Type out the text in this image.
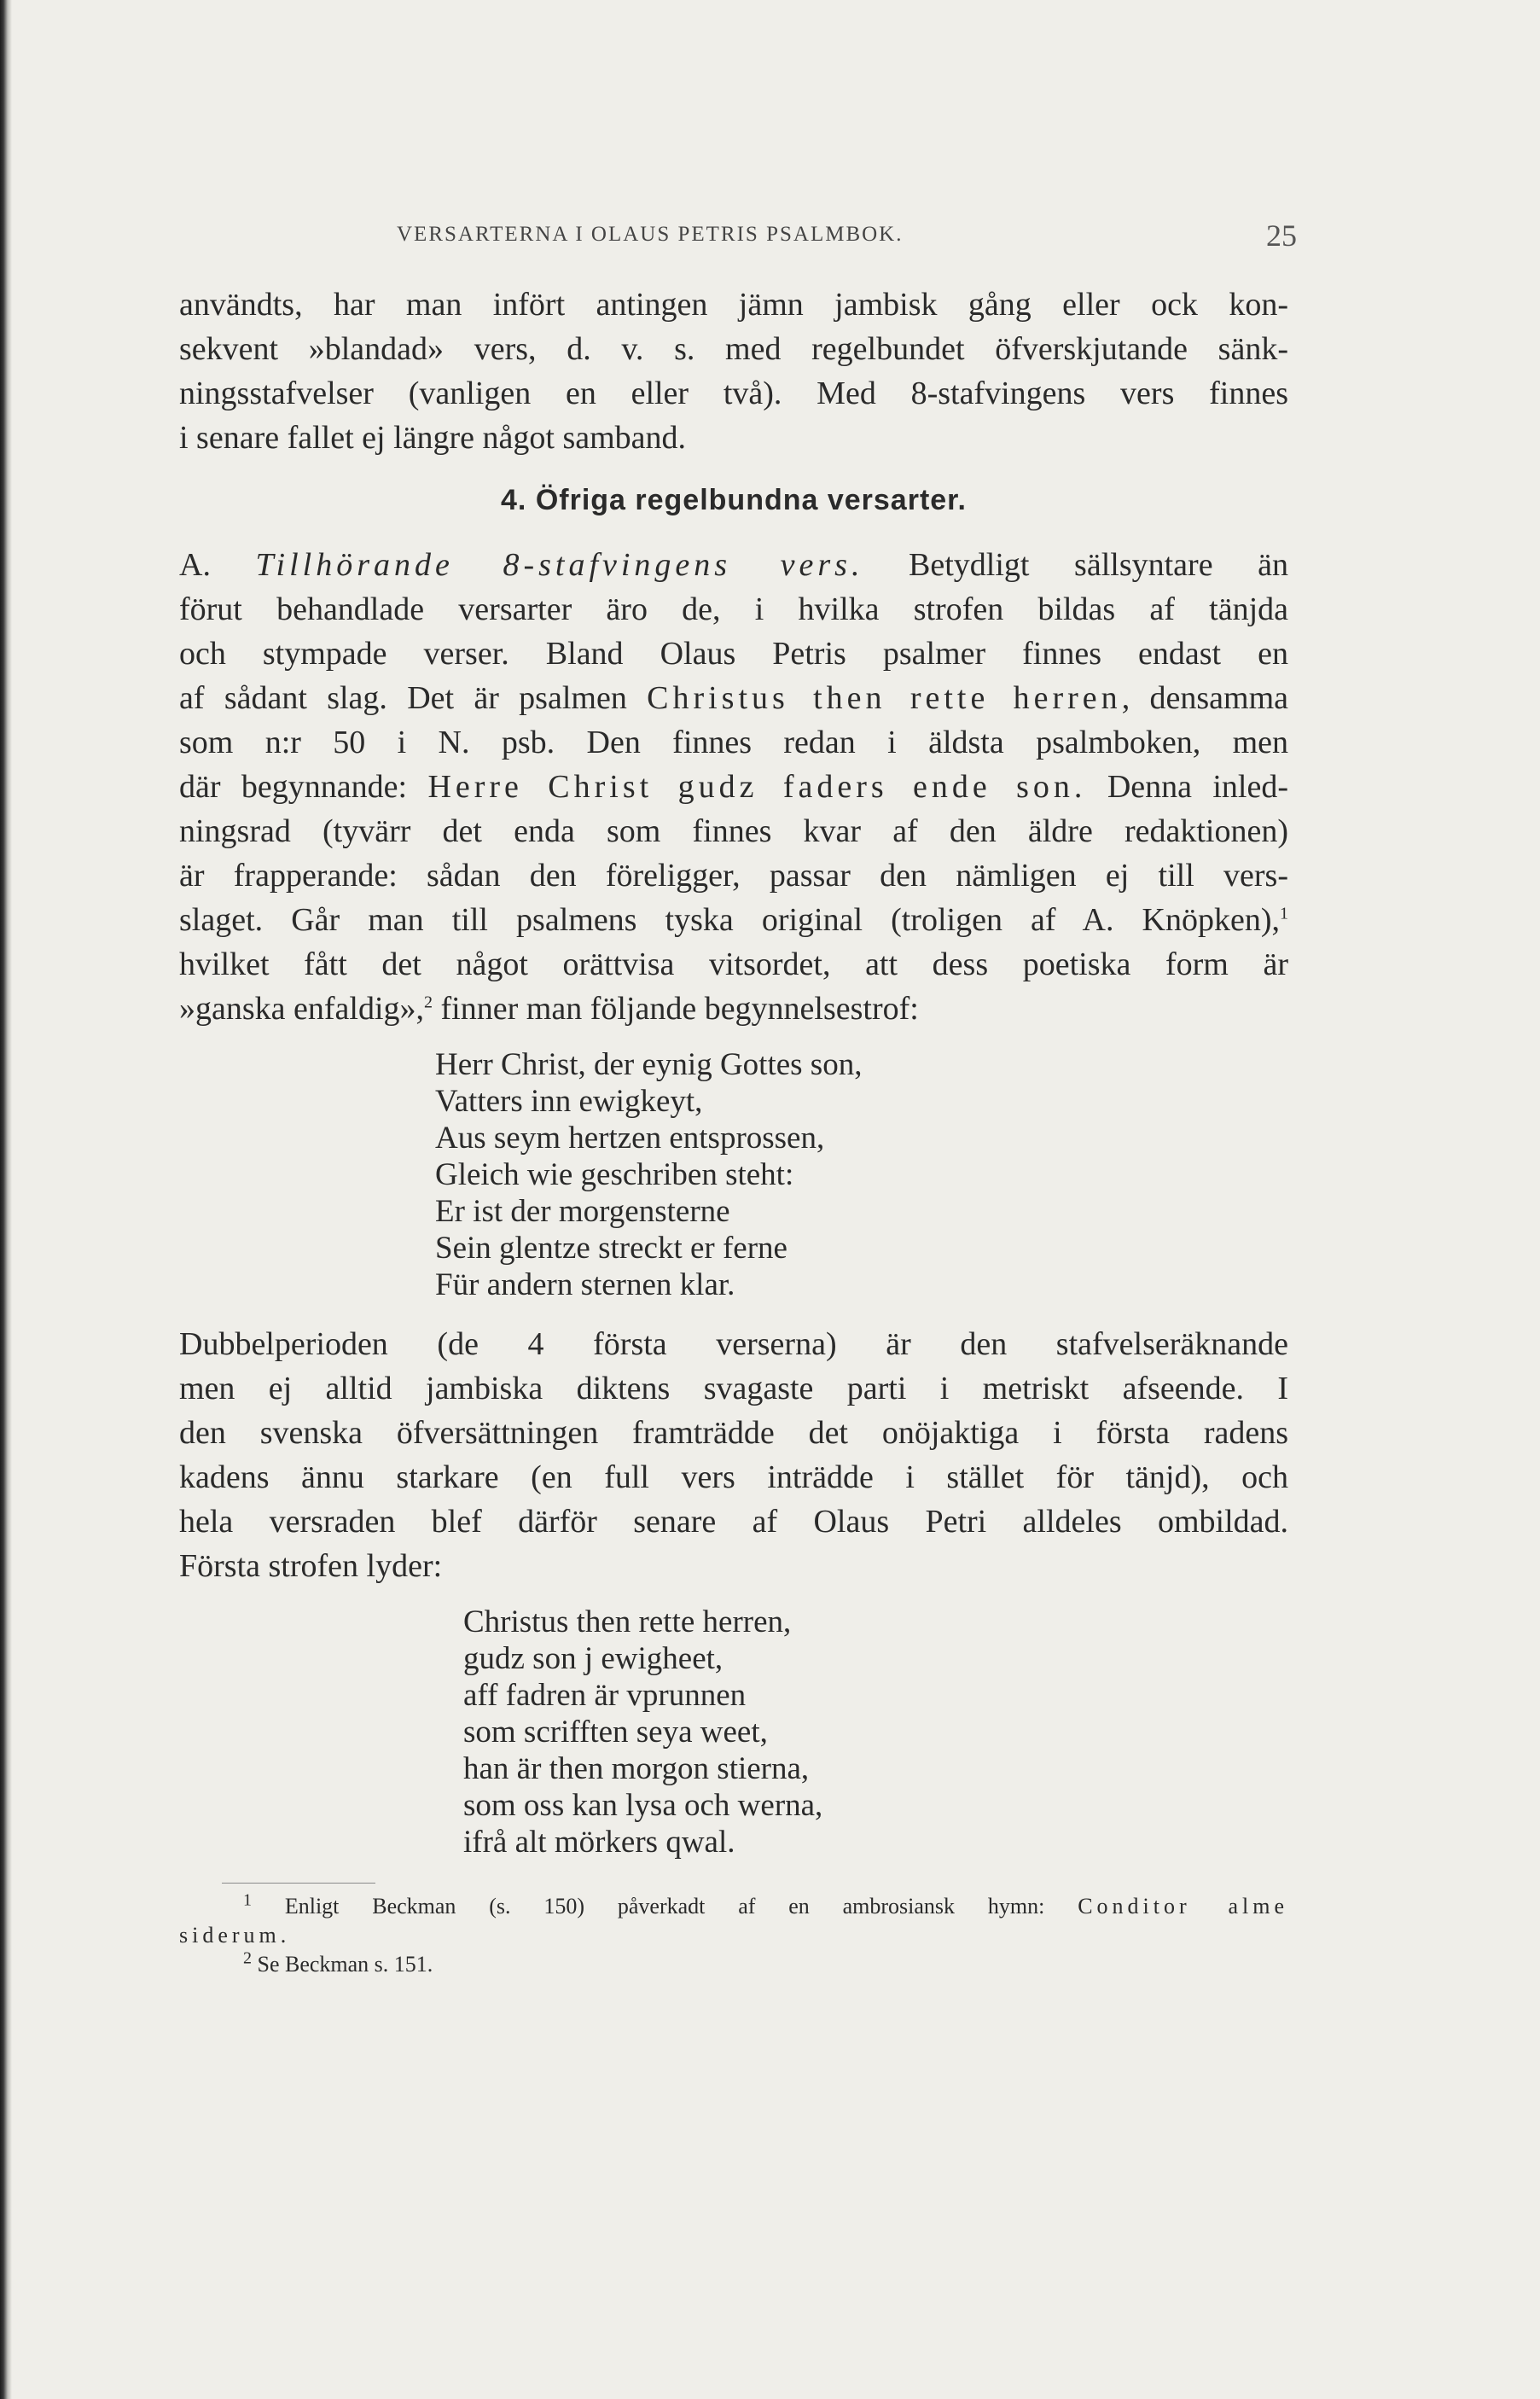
VERSARTERNA I OLAUS PETRIS PSALMBOK.	25

användts, har man infört antingen jämn jambisk gång eller ock kon-
sekvent »blandad» vers, d. v. s. med regelbundet öfverskjutande sänk-
ningsstafvelser (vanligen en eller två). Med 8-stafvingens vers finnes
i senare fallet ej längre något samband.

4. Öfriga regelbundna versarter.

A. Tillhörande 8-stafvingens vers. Betydligt sällsyntare än
förut behandlade versarter äro de, i hvilka strofen bildas af tänjda
och stympade verser. Bland Olaus Petris psalmer finnes endast en
af sådant slag. Det är psalmen Christus then rette herren, densamma
som n:r 50 i N. psb. Den finnes redan i äldsta psalmboken, men
där begynnande: Herre Christ gudz faders ende son. Denna inled-
ningsrad (tyvärr det enda som finnes kvar af den äldre redaktionen)
är frapperande: sådan den föreligger, passar den nämligen ej till vers-
slaget. Går man till psalmens tyska original (troligen af A. Knöpken),$^1$
hvilket fått det något orättvisa vitsordet, att dess poetiska form är
»ganska enfaldig»,$^2$ finner man följande begynnelsestrof:

Herr Christ, der eynig Gottes son,
Vatters inn ewigkeyt,
Aus seym hertzen entsprossen,
Gleich wie geschriben steht:
Er ist der morgensterne
Sein glentze streckt er ferne
Für andern sternen klar.

Dubbelperioden (de 4 första verserna) är den stafvelseräknande
men ej alltid jambiska diktens svagaste parti i metriskt afseende. I
den svenska öfversättningen framträdde det onöjaktiga i första radens
kadens ännu starkare (en full vers inträdde i stället för tänjd), och
hela versraden blef därför senare af Olaus Petri alldeles ombildad.
Första strofen lyder:

Christus then rette herren,
gudz son j ewigheet,
aff fadren är vprunnen
som scrifften seya weet,
han är then morgon stierna,
som oss kan lysa och werna,
ifrå alt mörkers qwal.
$^1$ Enligt Beckman (s. 150) påverkadt af en ambrosiansk hymn: Conditor alme
siderum.
$^2$ Se Beckman s. 151.
